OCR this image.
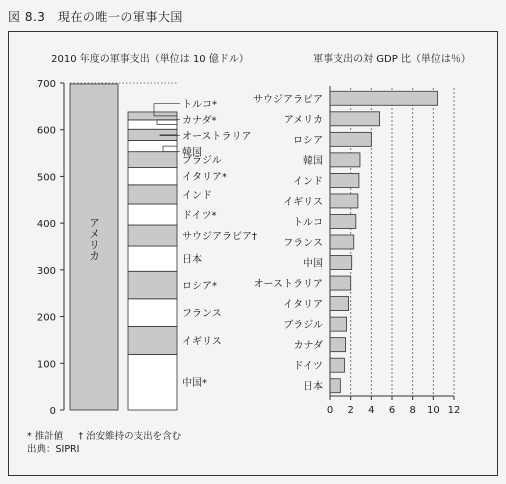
図 8.3　現在の唯一の軍事大国
2010 年度の軍事支出（単位は 10 億ドル）	軍事支出の対 GDP 比（単位は％）
0
100
200
300
400
500
600
700
アメリカ
中国*
イギリス
フランス
ロシア*
日本
サウジアラビア†
ドイツ*
インド
イタリア*
ブラジル
韓国
オーストラリア
カナダ*
トルコ*
0 2 4 6 8 10 12
サウジアラビア
アメリカ
ロシア
韓国
インド
イギリス
トルコ
フランス
中国
オーストラリア
イタリア
ブラジル
カナダ
ドイツ
日本
* 推計値 † 治安維持の支出を含む
出典：SIPRI
